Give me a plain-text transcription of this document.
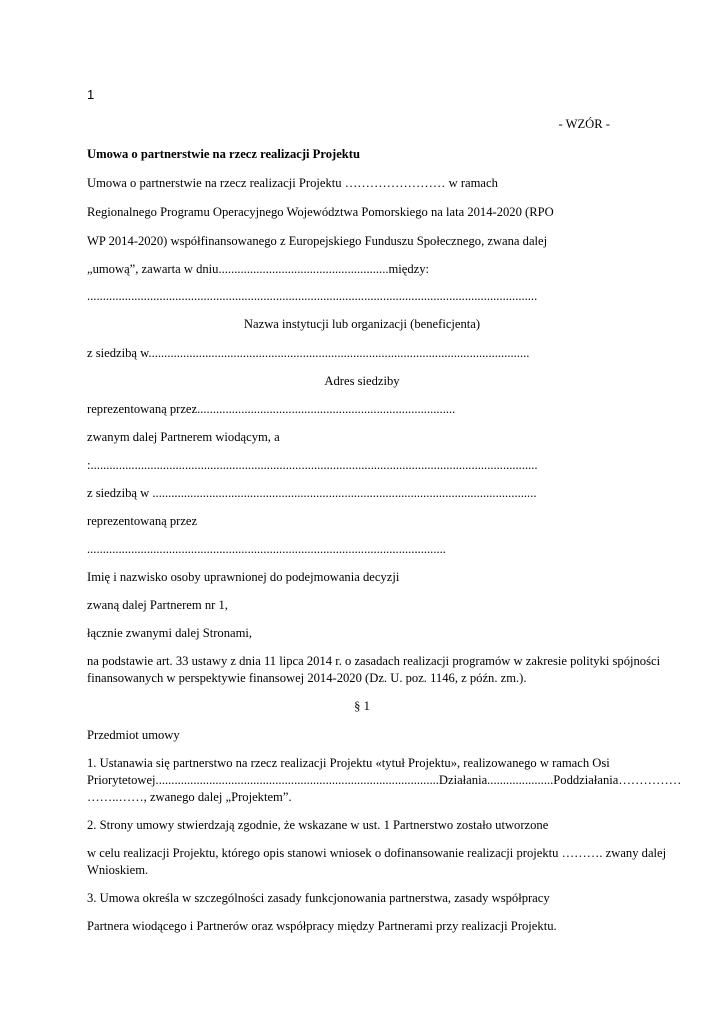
1
- WZÓR -
Umowa o partnerstwie na rzecz realizacji Projektu
Umowa o partnerstwie na rzecz realizacji Projektu …………………… w ramach
Regionalnego Programu Operacyjnego Województwa Pomorskiego na lata 2014-2020 (RPO
WP 2014-2020) współfinansowanego z Europejskiego Funduszu Społecznego, zwana dalej
„umową”, zawarta w dniu......................................................między:
...............................................................................................................................................
Nazwa instytucji lub organizacji (beneficjenta)
z siedzibą w.........................................................................................................................
Adres siedziby
reprezentowaną przez..................................................................................
zwanym dalej Partnerem wiodącym, a
:..............................................................................................................................................
z siedzibą w ..........................................................................................................................
reprezentowaną przez
..................................................................................................................
Imię i nazwisko osoby uprawnionej do podejmowania decyzji
zwaną dalej Partnerem nr 1,
łącznie zwanymi dalej Stronami,
na podstawie art. 33 ustawy z dnia 11 lipca 2014 r. o zasadach realizacji programów w zakresie polityki spójności
finansowanych w perspektywie finansowej 2014-2020 (Dz. U. poz. 1146, z późn. zm.).
§ 1
Przedmiot umowy
1. Ustanawia się partnerstwo na rzecz realizacji Projektu «tytuł Projektu», realizowanego w ramach Osi
Priorytetowej..........................................................................................Działania.....................Poddziałania……………
……..……, zwanego dalej „Projektem”.
2. Strony umowy stwierdzają zgodnie, że wskazane w ust. 1 Partnerstwo zostało utworzone
w celu realizacji Projektu, którego opis stanowi wniosek o dofinansowanie realizacji projektu ………. zwany dalej
Wnioskiem.
3. Umowa określa w szczególności zasady funkcjonowania partnerstwa, zasady współpracy
Partnera wiodącego i Partnerów oraz współpracy między Partnerami przy realizacji Projektu.
